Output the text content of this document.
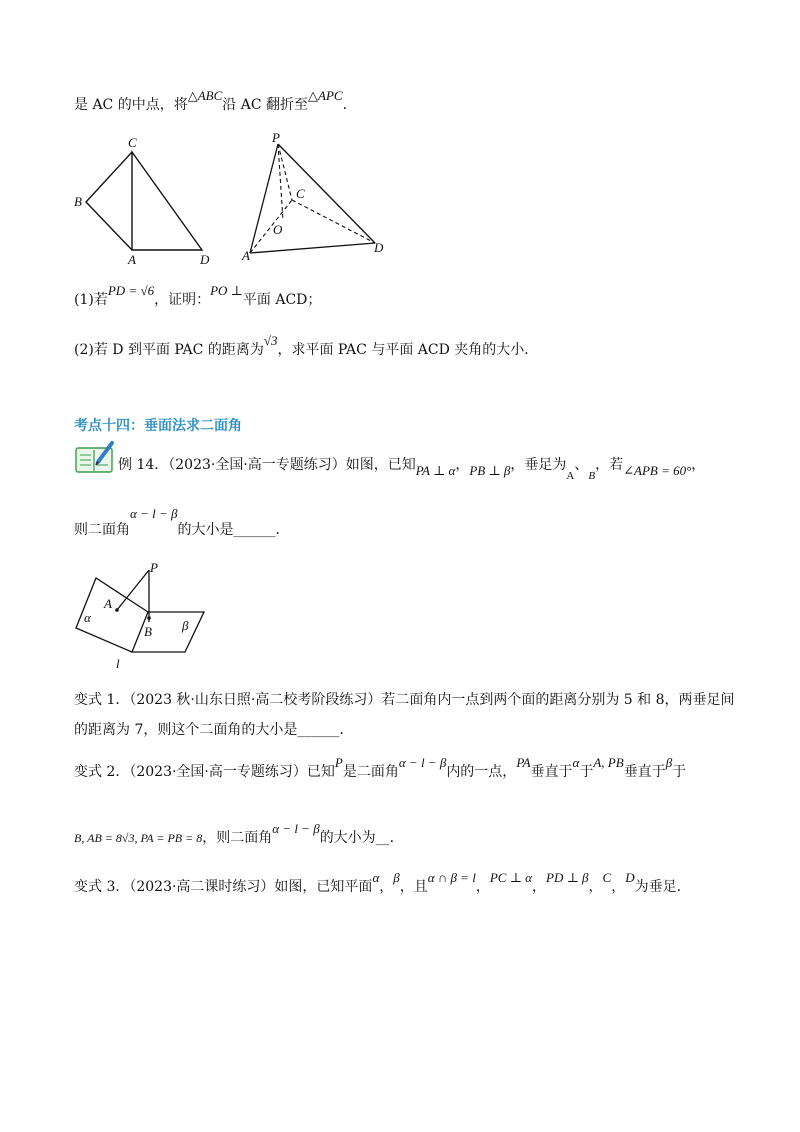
是 AC 的中点，将△ABC沿 AC 翻折至△APC.
C
B
A	D
P
C
O
A
D
(1)若PD = √6，证明：PO ⊥平面 ACD；
(2)若 D 到平面 PAC 的距离为√3，求平面 PAC 与平面 ACD 夹角的大小.
考点十四：垂面法求二面角
例 14．（2023·全国·高一专题练习）如图，已知PA ⊥ α，PB ⊥ β，垂足为$_A$、$_B$，若∠APB = 60°，
则二面角α − l − β的大小是______.
P
A
α
B β
l
变式 1．（2023 秋·山东日照·高二校考阶段练习）若二面角内一点到两个面的距离分别为 5 和 8，两垂足间
的距离为 7，则这个二面角的大小是______.
变式 2．（2023·全国·高一专题练习）已知P是二面角α − l − β内的一点，PA垂直于α于A, PB垂直于β于
B, AB = 8√3, PA = PB = 8，则二面角α − l − β的大小为__.
变式 3．（2023·高二课时练习）如图，已知平面α，β，且α ∩ β = l，PC ⊥ α，PD ⊥ β，C，D为垂足.
